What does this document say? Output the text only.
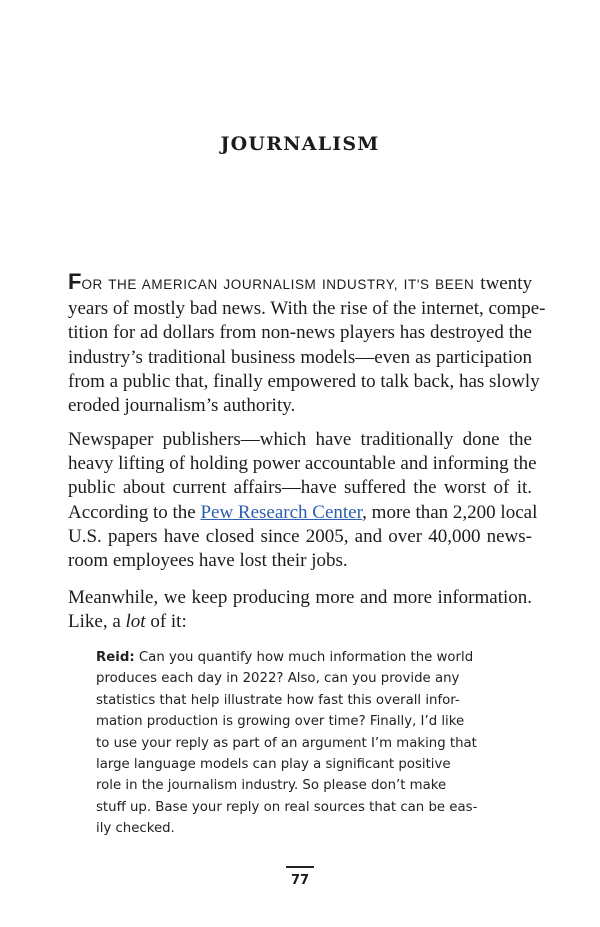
JOURNALISM
FOR THE AMERICAN JOURNALISM INDUSTRY, IT'S BEEN twenty
years of mostly bad news. With the rise of the internet, compe-
tition for ad dollars from non-news players has destroyed the
industry’s traditional business models—even as participation
from a public that, finally empowered to talk back, has slowly
eroded journalism’s authority.
Newspaper publishers—which have traditionally done the
heavy lifting of holding power accountable and informing the
public about current affairs—have suffered the worst of it.
According to the Pew Research Center, more than 2,200 local
U.S. papers have closed since 2005, and over 40,000 news-
room employees have lost their jobs.
Meanwhile, we keep producing more and more information.
Like, a lot of it:
Reid: Can you quantify how much information the world
produces each day in 2022? Also, can you provide any
statistics that help illustrate how fast this overall infor-
mation production is growing over time? Finally, I’d like
to use your reply as part of an argument I’m making that
large language models can play a significant positive
role in the journalism industry. So please don’t make
stuff up. Base your reply on real sources that can be eas-
ily checked.
77
